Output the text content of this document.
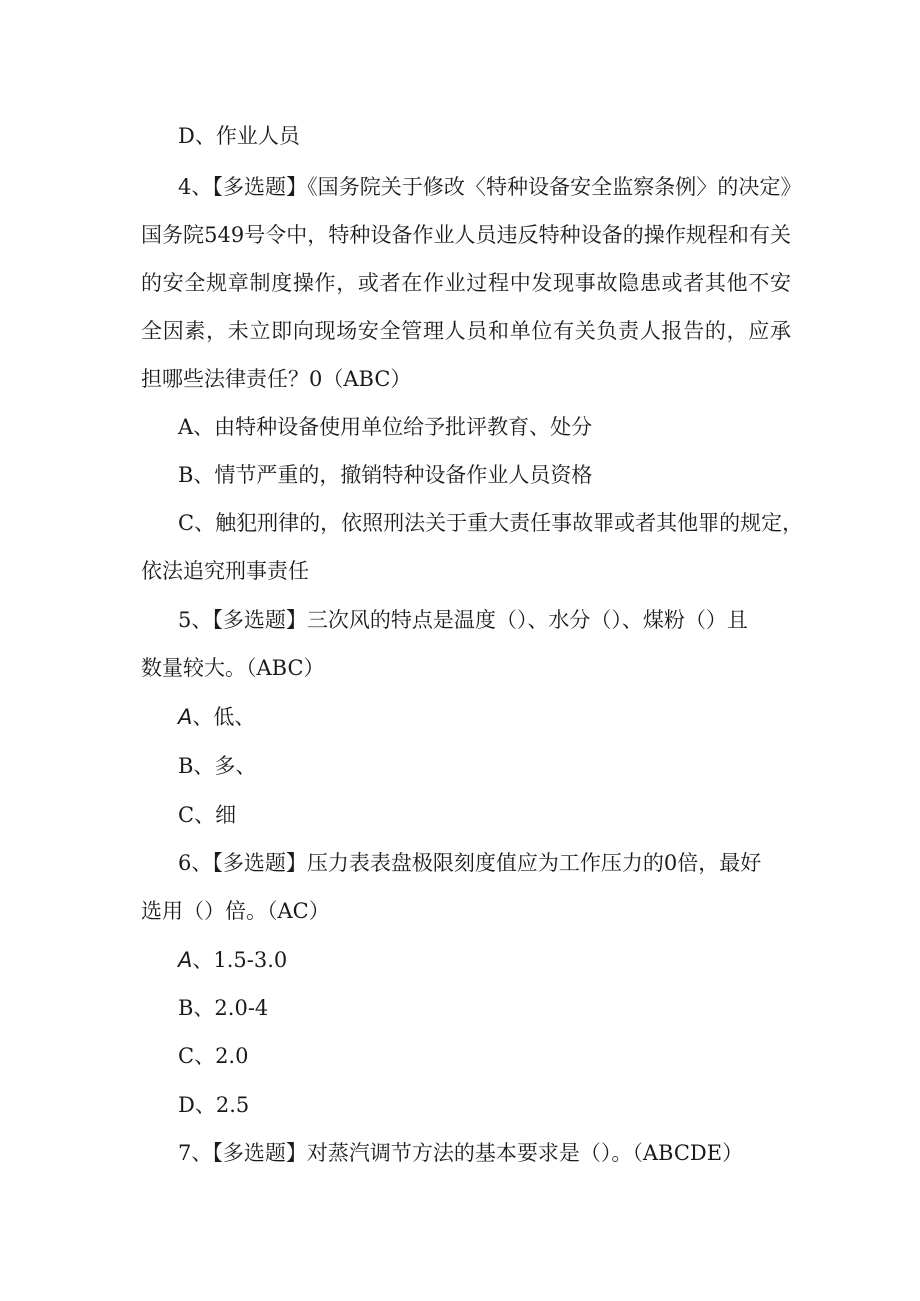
D、作业人员
4、【多选题】《国务院关于修改〈特种设备安全监察条例〉的决定》国务院549号令中，特种设备作业人员违反特种设备的操作规程和有关的安全规章制度操作，或者在作业过程中发现事故隐患或者其他不安全因素，未立即向现场安全管理人员和单位有关负责人报告的，应承担哪些法律责任？0（ABC）
A、由特种设备使用单位给予批评教育、处分
B、情节严重的，撤销特种设备作业人员资格
C、触犯刑律的，依照刑法关于重大责任事故罪或者其他罪的规定，
依法追究刑事责任
5、【多选题】三次风的特点是温度（）、水分（）、煤粉（）且
数量较大。（ABC）
A、低、
B、多、
C、细
6、【多选题】压力表表盘极限刻度值应为工作压力的0倍，最好
选用（）倍。（AC）
A、1.5-3.0
B、2.0-4
C、2.0
D、2.5
7、【多选题】对蒸汽调节方法的基本要求是（）。（ABCDE）
